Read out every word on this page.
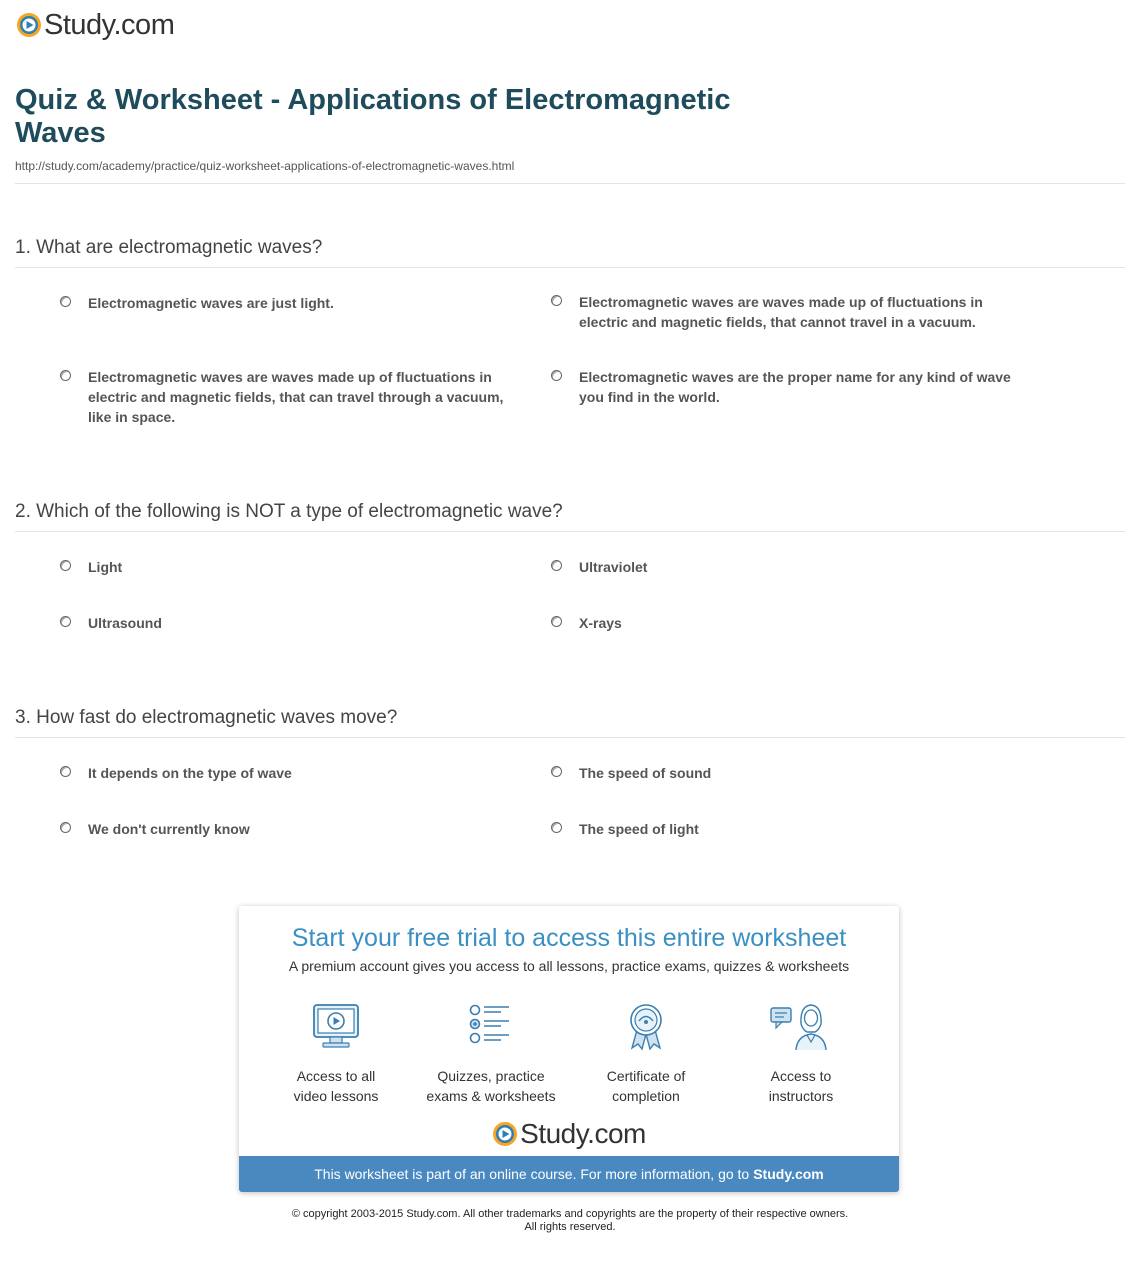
Study.com
Quiz & Worksheet - Applications of Electromagnetic Waves
http://study.com/academy/practice/quiz-worksheet-applications-of-electromagnetic-waves.html
1. What are electromagnetic waves?
Electromagnetic waves are just light.	Electromagnetic waves are waves made up of fluctuations in electric and magnetic fields, that cannot travel in a vacuum.
Electromagnetic waves are waves made up of fluctuations in electric and magnetic fields, that can travel through a vacuum, like in space.
Electromagnetic waves are the proper name for any kind of wave you find in the world.
2. Which of the following is NOT a type of electromagnetic wave?
Light	Ultraviolet
Ultrasound	X-rays
3. How fast do electromagnetic waves move?
It depends on the type of wave	The speed of sound
We don't currently know	The speed of light
Start your free trial to access this entire worksheet
A premium account gives you access to all lessons, practice exams, quizzes & worksheets
Access to all
video lessons
Quizzes, practice
exams & worksheets
Certificate of
completion
Access to
instructors
Study.com
This worksheet is part of an online course. For more information, go to Study.com
© copyright 2003-2015 Study.com. All other trademarks and copyrights are the property of their respective owners.
All rights reserved.
